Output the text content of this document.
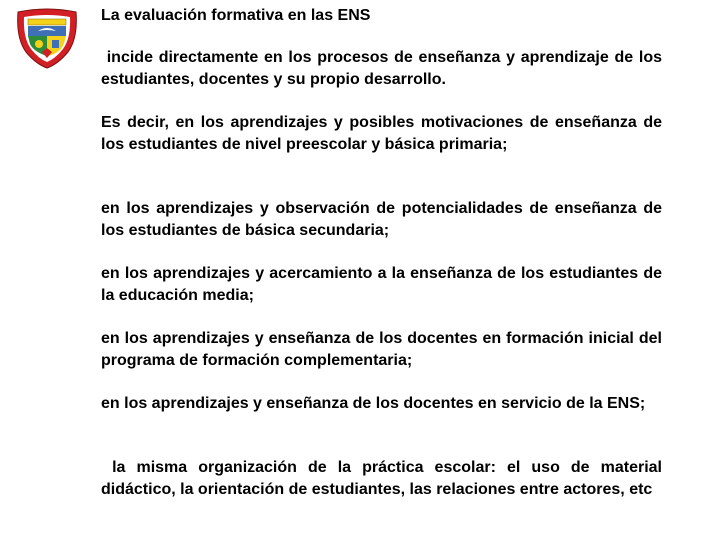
La evaluación formativa en las ENS
incide directamente en los procesos de enseñanza y aprendizaje de los estudiantes, docentes y su propio desarrollo.
Es decir, en los aprendizajes y posibles motivaciones de enseñanza de los estudiantes de nivel preescolar y básica primaria;
en los aprendizajes y observación de potencialidades de enseñanza de los estudiantes de básica secundaria;
en los aprendizajes y acercamiento a la enseñanza de los estudiantes de la educación media;
en los aprendizajes y enseñanza de los docentes en formación inicial del programa de formación complementaria;
en los aprendizajes y enseñanza de los docentes en servicio de la ENS;
la misma organización de la práctica escolar: el uso de material didáctico, la orientación de estudiantes, las relaciones entre actores, etc
